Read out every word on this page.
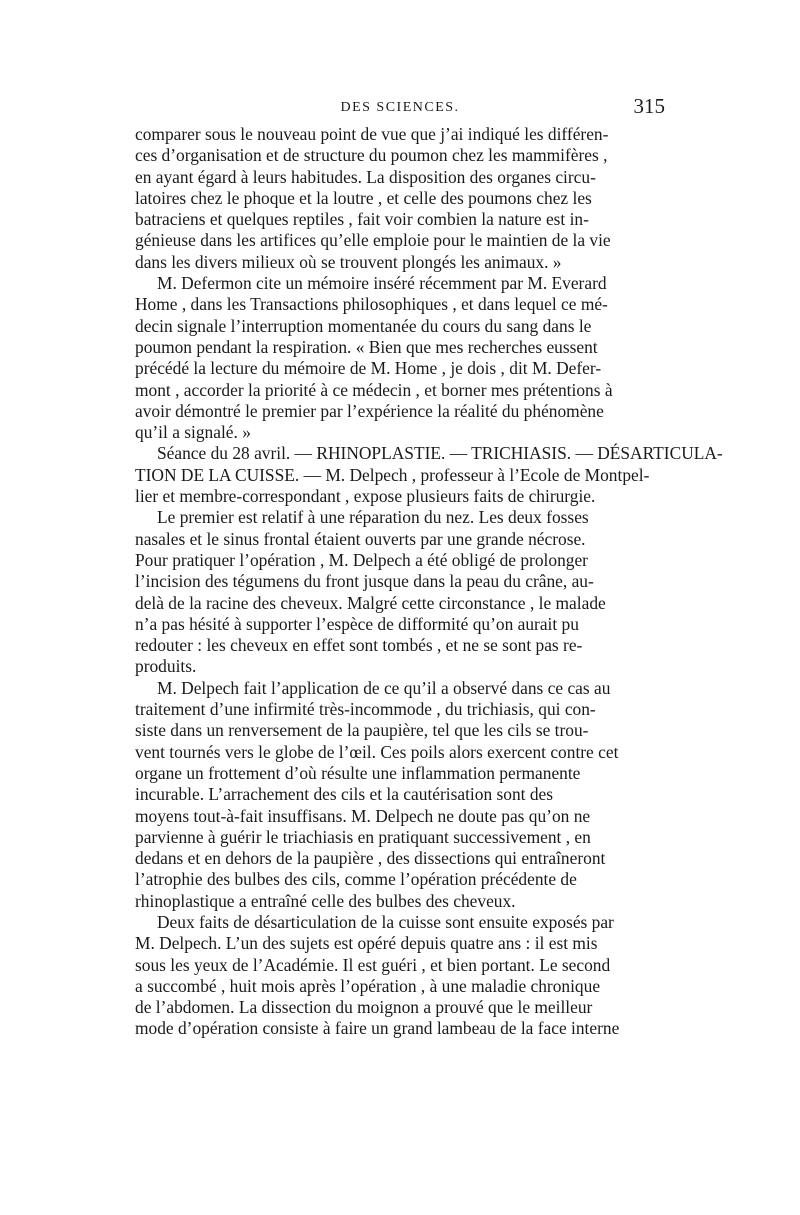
DES SCIENCES.	315
comparer sous le nouveau point de vue que j’ai indiqué les différen-
ces d’organisation et de structure du poumon chez les mammifères ,
en ayant égard à leurs habitudes. La disposition des organes circu-
latoires chez le phoque et la loutre , et celle des poumons chez les
batraciens et quelques reptiles , fait voir combien la nature est in-
génieuse dans les artifices qu’elle emploie pour le maintien de la vie
dans les divers milieux où se trouvent plongés les animaux. »
M. Defermon cite un mémoire inséré récemment par M. Everard
Home , dans les Transactions philosophiques , et dans lequel ce mé-
decin signale l’interruption momentanée du cours du sang dans le
poumon pendant la respiration. « Bien que mes recherches eussent
précédé la lecture du mémoire de M. Home , je dois , dit M. Defer-
mont , accorder la priorité à ce médecin , et borner mes prétentions à
avoir démontré le premier par l’expérience la réalité du phénomène
qu’il a signalé. »
Séance du 28 avril. — RHINOPLASTIE. — TRICHIASIS. — DÉSARTICULA-
TION DE LA CUISSE. — M. Delpech , professeur à l’Ecole de Montpel-
lier et membre-correspondant , expose plusieurs faits de chirurgie.
Le premier est relatif à une réparation du nez. Les deux fosses
nasales et le sinus frontal étaient ouverts par une grande nécrose.
Pour pratiquer l’opération , M. Delpech a été obligé de prolonger
l’incision des tégumens du front jusque dans la peau du crâne, au-
delà de la racine des cheveux. Malgré cette circonstance , le malade
n’a pas hésité à supporter l’espèce de difformité qu’on aurait pu
redouter : les cheveux en effet sont tombés , et ne se sont pas re-
produits.
M. Delpech fait l’application de ce qu’il a observé dans ce cas au
traitement d’une infirmité très-incommode , du trichiasis, qui con-
siste dans un renversement de la paupière, tel que les cils se trou-
vent tournés vers le globe de l’œil. Ces poils alors exercent contre cet
organe un frottement d’où résulte une inflammation permanente
incurable. L’arrachement des cils et la cautérisation sont des
moyens tout-à-fait insuffisans. M. Delpech ne doute pas qu’on ne
parvienne à guérir le triachiasis en pratiquant successivement , en
dedans et en dehors de la paupière , des dissections qui entraîneront
l’atrophie des bulbes des cils, comme l’opération précédente de
rhinoplastique a entraîné celle des bulbes des cheveux.
Deux faits de désarticulation de la cuisse sont ensuite exposés par
M. Delpech. L’un des sujets est opéré depuis quatre ans : il est mis
sous les yeux de l’Académie. Il est guéri , et bien portant. Le second
a succombé , huit mois après l’opération , à une maladie chronique
de l’abdomen. La dissection du moignon a prouvé que le meilleur
mode d’opération consiste à faire un grand lambeau de la face interne
